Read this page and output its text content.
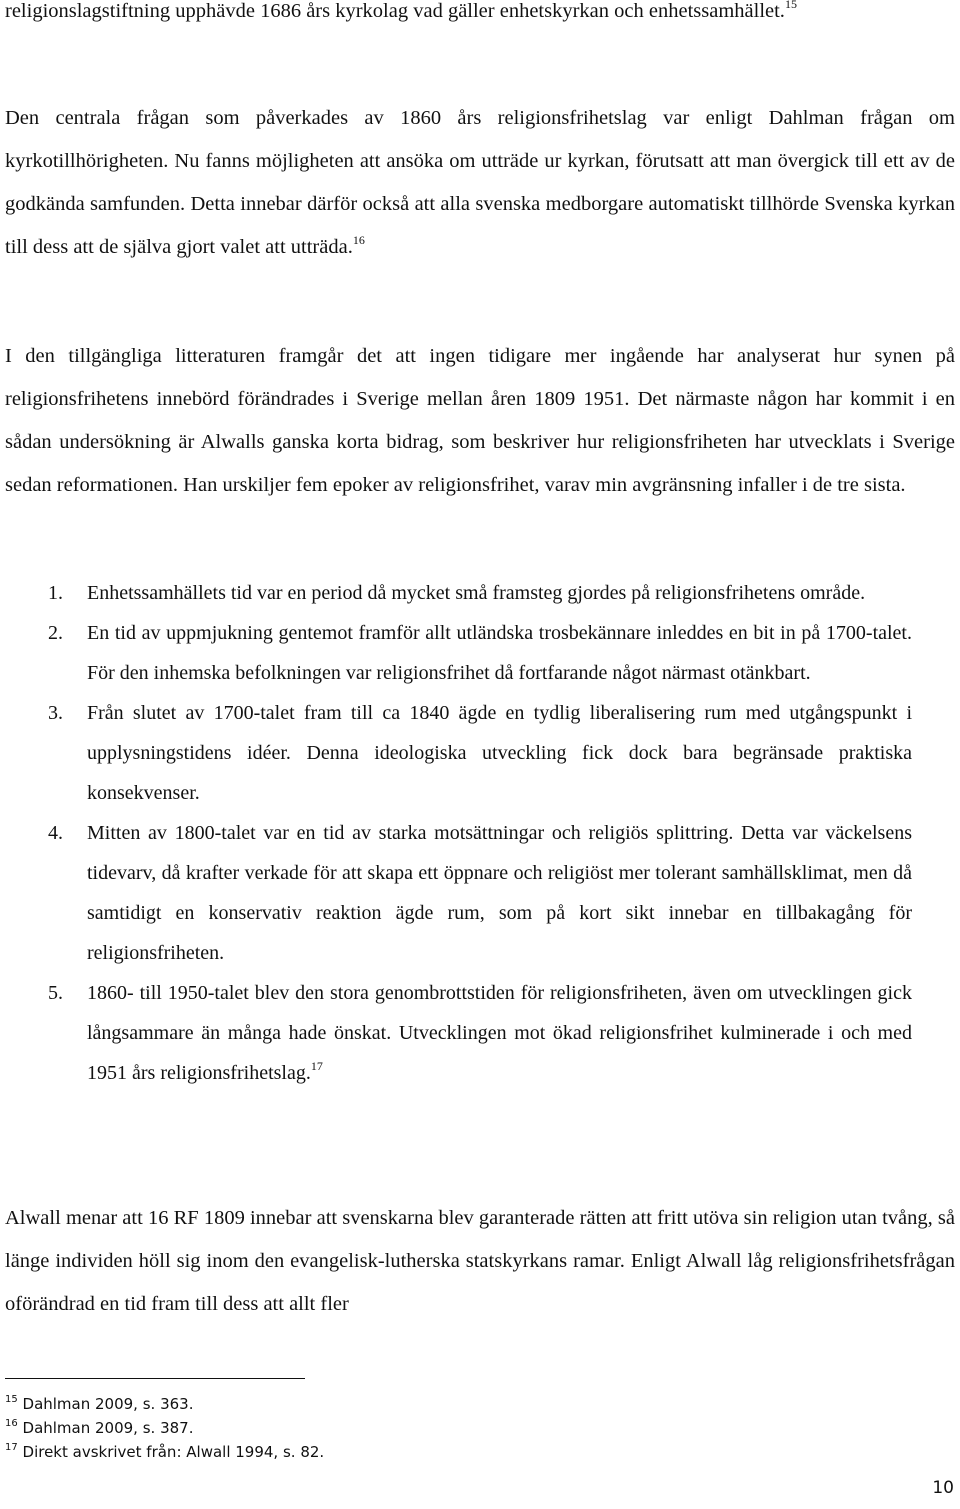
religionslagstiftning upphävde 1686 års kyrkolag vad gäller enhetskyrkan och enhetssamhället.$^{15}$

Den centrala frågan som påverkades av 1860 års religionsfrihetslag var enligt Dahlman frågan om kyrkotillhörigheten. Nu fanns möjligheten att ansöka om utträde ur kyrkan, förutsatt att man övergick till ett av de godkända samfunden. Detta innebar därför också att alla svenska medborgare automatiskt tillhörde Svenska kyrkan till dess att de själva gjort valet att utträda.$^{16}$

I den tillgängliga litteraturen framgår det att ingen tidigare mer ingående har analyserat hur synen på religionsfrihetens innebörd förändrades i Sverige mellan åren 1809 1951. Det närmaste någon har kommit i en sådan undersökning är Alwalls ganska korta bidrag, som beskriver hur religionsfriheten har utvecklats i Sverige sedan reformationen. Han urskiljer fem epoker av religionsfrihet, varav min avgränsning infaller i de tre sista.

1. Enhetssamhällets tid var en period då mycket små framsteg gjordes på religionsfrihetens område.
2. En tid av uppmjukning gentemot framför allt utländska trosbekännare inleddes en bit in på 1700-talet. För den inhemska befolkningen var religionsfrihet då fortfarande något närmast otänkbart.
3. Från slutet av 1700-talet fram till ca 1840 ägde en tydlig liberalisering rum med utgångspunkt i upplysningstidens idéer. Denna ideologiska utveckling fick dock bara begränsade praktiska konsekvenser.
4. Mitten av 1800-talet var en tid av starka motsättningar och religiös splittring. Detta var väckelsens tidevarv, då krafter verkade för att skapa ett öppnare och religiöst mer tolerant samhällsklimat, men då samtidigt en konservativ reaktion ägde rum, som på kort sikt innebar en tillbakagång för religionsfriheten.
5. 1860- till 1950-talet blev den stora genombrottstiden för religionsfriheten, även om utvecklingen gick långsammare än många hade önskat. Utvecklingen mot ökad religionsfrihet kulminerade i och med 1951 års religionsfrihetslag.$^{17}$

Alwall menar att 16 RF 1809 innebar att svenskarna blev garanterade rätten att fritt utöva sin religion utan tvång, så länge individen höll sig inom den evangelisk-lutherska statskyrkans ramar. Enligt Alwall låg religionsfrihetsfrågan oförändrad en tid fram till dess att allt fler

$^{15}$ Dahlman 2009, s. 363.

$^{16}$ Dahlman 2009, s. 387.

$^{17}$ Direkt avskrivet från: Alwall 1994, s. 82.

10
